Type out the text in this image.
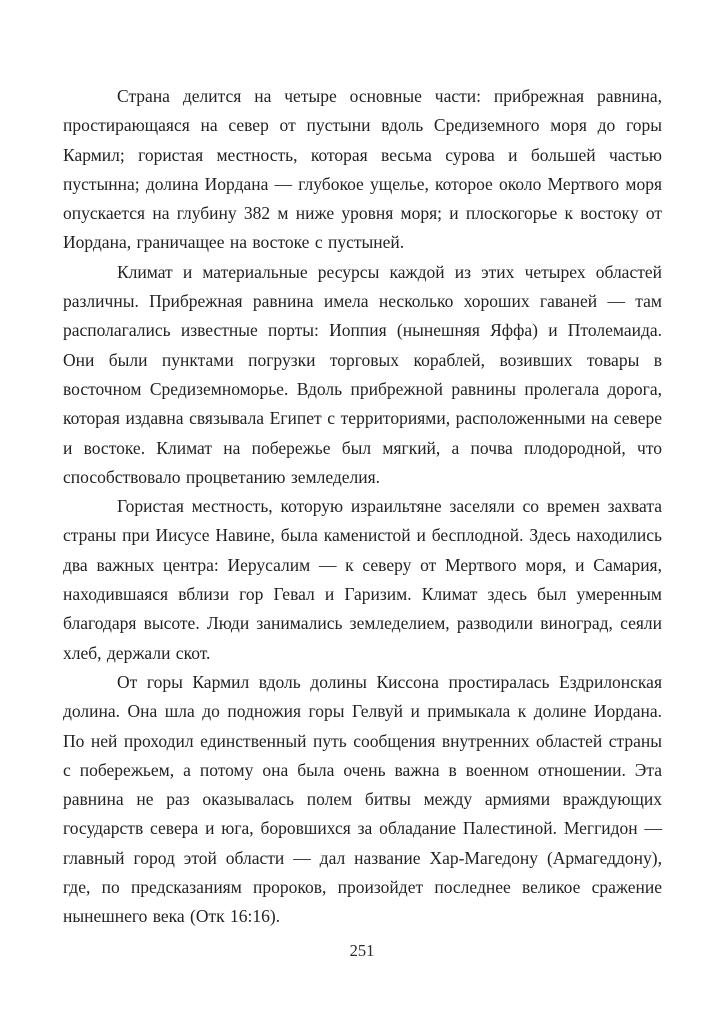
Страна делится на четыре основные части: прибрежная равнина, простирающаяся на север от пустыни вдоль Средиземного моря до горы Кармил; гористая местность, которая весьма сурова и большей частью пустынна; долина Иордана — глубокое ущелье, которое около Мертвого моря опускается на глубину 382 м ниже уровня моря; и плоскогорье к востоку от Иордана, граничащее на востоке с пустыней.

Климат и материальные ресурсы каждой из этих четырех областей различны. Прибрежная равнина имела несколько хороших гаваней — там располагались известные порты: Иоппия (нынешняя Яффа) и Птолемаида. Они были пунктами погрузки торговых кораблей, возивших товары в восточном Средиземноморье. Вдоль прибрежной равнины пролегала дорога, которая издавна связывала Египет с территориями, расположенными на севере и востоке. Климат на побережье был мягкий, а почва плодородной, что способствовало процветанию земледелия.

Гористая местность, которую израильтяне заселяли со времен захвата страны при Иисусе Навине, была каменистой и бесплодной. Здесь находились два важных центра: Иерусалим — к северу от Мертвого моря, и Самария, находившаяся вблизи гор Гевал и Гаризим. Климат здесь был умеренным благодаря высоте. Люди занимались земледелием, разводили виноград, сеяли хлеб, держали скот.

От горы Кармил вдоль долины Киссона простиралась Ездрилонская долина. Она шла до подножия горы Гелвуй и примыкала к долине Иордана. По ней проходил единственный путь сообщения внутренних областей страны с побережьем, а потому она была очень важна в военном отношении. Эта равнина не раз оказывалась полем битвы между армиями враждующих государств севера и юга, боровшихся за обладание Палестиной. Меггидон — главный город этой области — дал название Хар-Магедону (Армагеддону), где, по предсказаниям пророков, произойдет последнее великое сражение нынешнего века (Отк 16:16).

251
